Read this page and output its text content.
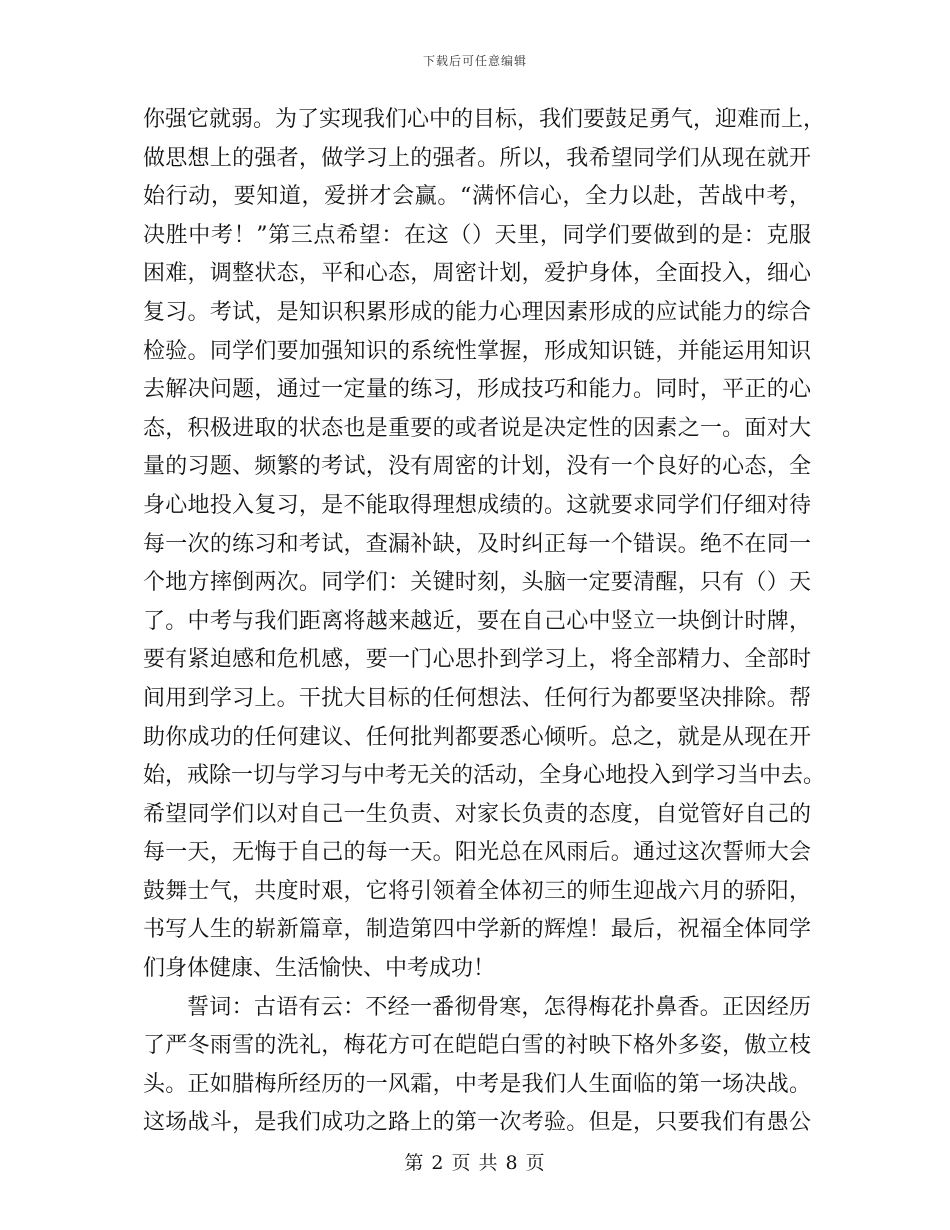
下载后可任意编辑
你强它就弱。为了实现我们心中的目标，我们要鼓足勇气，迎难而上，
做思想上的强者，做学习上的强者。所以，我希望同学们从现在就开
始行动，要知道，爱拼才会赢。“满怀信心，全力以赴，苦战中考，
决胜中考！”第三点希望：在这（）天里，同学们要做到的是：克服
困难，调整状态，平和心态，周密计划，爱护身体，全面投入，细心
复习。考试，是知识积累形成的能力心理因素形成的应试能力的综合
检验。同学们要加强知识的系统性掌握，形成知识链，并能运用知识
去解决问题，通过一定量的练习，形成技巧和能力。同时，平正的心
态，积极进取的状态也是重要的或者说是决定性的因素之一。面对大
量的习题、频繁的考试，没有周密的计划，没有一个良好的心态，全
身心地投入复习，是不能取得理想成绩的。这就要求同学们仔细对待
每一次的练习和考试，查漏补缺，及时纠正每一个错误。绝不在同一
个地方摔倒两次。同学们：关键时刻，头脑一定要清醒，只有（）天
了。中考与我们距离将越来越近，要在自己心中竖立一块倒计时牌，
要有紧迫感和危机感，要一门心思扑到学习上，将全部精力、全部时
间用到学习上。干扰大目标的任何想法、任何行为都要坚决排除。帮
助你成功的任何建议、任何批判都要悉心倾听。总之，就是从现在开
始，戒除一切与学习与中考无关的活动，全身心地投入到学习当中去。
希望同学们以对自己一生负责、对家长负责的态度，自觉管好自己的
每一天，无悔于自己的每一天。阳光总在风雨后。通过这次誓师大会
鼓舞士气，共度时艰，它将引领着全体初三的师生迎战六月的骄阳，
书写人生的崭新篇章，制造第四中学新的辉煌！最后，祝福全体同学
们身体健康、生活愉快、中考成功！
誓词：古语有云：不经一番彻骨寒，怎得梅花扑鼻香。正因经历
了严冬雨雪的洗礼，梅花方可在皑皑白雪的衬映下格外多姿，傲立枝
头。正如腊梅所经历的一风霜，中考是我们人生面临的第一场决战。
这场战斗，是我们成功之路上的第一次考验。但是，只要我们有愚公
第 2 页 共 8 页
